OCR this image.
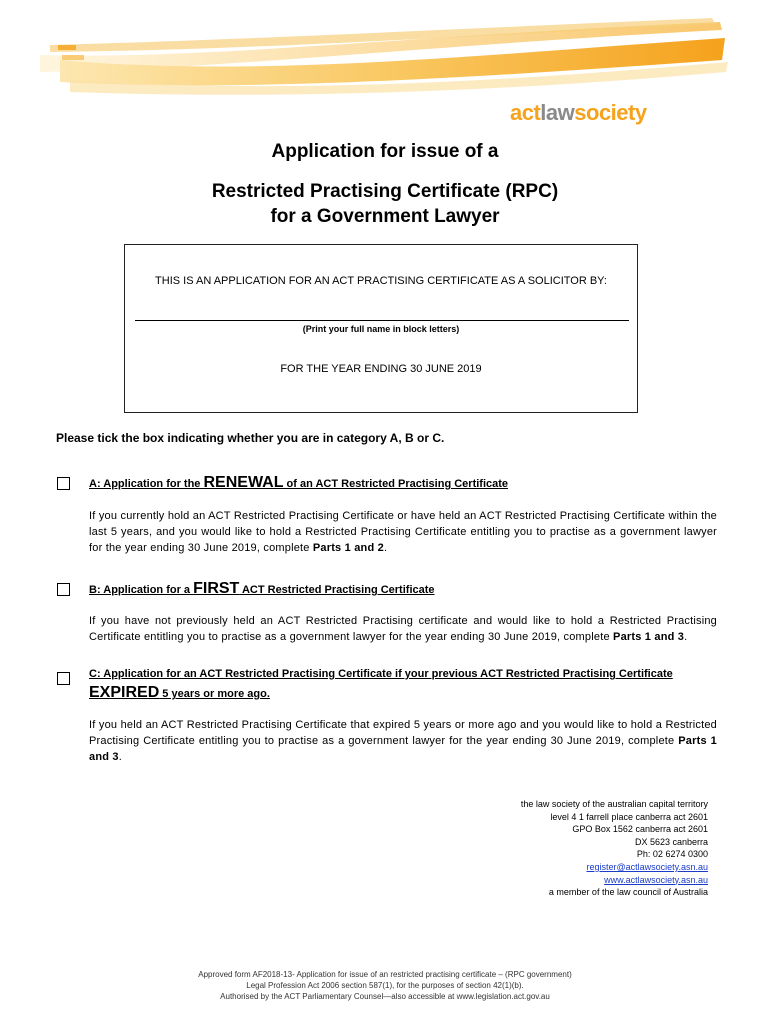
actlawsociety
Application for issue of a
Restricted Practising Certificate (RPC)
for a Government Lawyer
THIS IS AN APPLICATION FOR AN ACT PRACTISING CERTIFICATE AS A SOLICITOR BY:
(Print your full name in block letters)
FOR THE YEAR ENDING 30 JUNE 2019
Please tick the box indicating whether you are in category A, B or C.
A: Application for the RENEWAL of an ACT Restricted Practising Certificate
If you currently hold an ACT Restricted Practising Certificate or have held an ACT Restricted Practising Certificate within the last 5 years, and you would like to hold a Restricted Practising Certificate entitling you to practise as a government lawyer for the year ending 30 June 2019, complete Parts 1 and 2.
B: Application for a FIRST ACT Restricted Practising Certificate
If you have not previously held an ACT Restricted Practising certificate and would like to hold a Restricted Practising Certificate entitling you to practise as a government lawyer for the year ending 30 June 2019, complete Parts 1 and 3.
C: Application for an ACT Restricted Practising Certificate if your previous ACT Restricted Practising Certificate
EXPIRED 5 years or more ago.
If you held an ACT Restricted Practising Certificate that expired 5 years or more ago and you would like to hold a Restricted Practising Certificate entitling you to practise as a government lawyer for the year ending 30 June 2019, complete Parts 1 and 3.
the law society of the australian capital territory
level 4 1 farrell place canberra act 2601
GPO Box 1562 canberra act 2601
DX 5623 canberra
Ph: 02 6274 0300
register@actlawsociety.asn.au
www.actlawsociety.asn.au
a member of the law council of Australia
Approved form AF2018-13- Application for issue of an restricted practising certificate – (RPC government)
Legal Profession Act 2006 section 587(1), for the purposes of section 42(1)(b).
Authorised by the ACT Parliamentary Counsel—also accessible at www.legislation.act.gov.au
